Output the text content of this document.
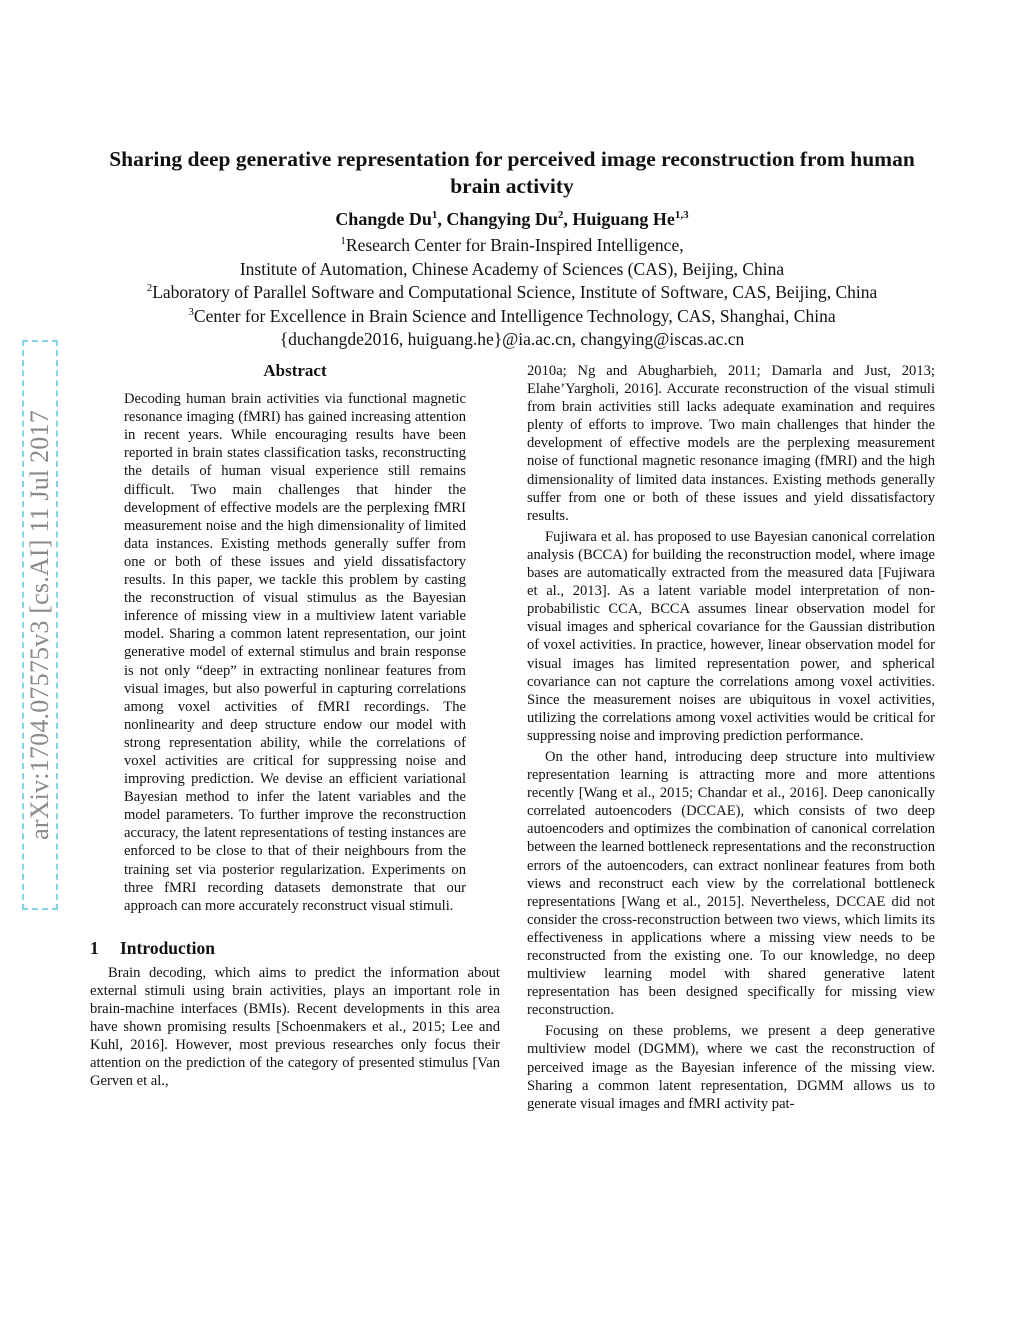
arXiv:1704.07575v3 [cs.AI] 11 Jul 2017
Sharing deep generative representation for perceived image reconstruction from human brain activity
Changde Du$^1$, Changying Du$^2$, Huiguang He$^{1,3}$
$^1$Research Center for Brain-Inspired Intelligence,
Institute of Automation, Chinese Academy of Sciences (CAS), Beijing, China
$^2$Laboratory of Parallel Software and Computational Science, Institute of Software, CAS, Beijing, China
$^3$Center for Excellence in Brain Science and Intelligence Technology, CAS, Shanghai, China
{duchangde2016, huiguang.he}@ia.ac.cn, changying@iscas.ac.cn
Abstract

Decoding human brain activities via functional magnetic resonance imaging (fMRI) has gained increasing attention in recent years. While encouraging results have been reported in brain states classification tasks, reconstructing the details of human visual experience still remains difficult. Two main challenges that hinder the development of effective models are the perplexing fMRI measurement noise and the high dimensionality of limited data instances. Existing methods generally suffer from one or both of these issues and yield dissatisfactory results. In this paper, we tackle this problem by casting the reconstruction of visual stimulus as the Bayesian inference of missing view in a multiview latent variable model. Sharing a common latent representation, our joint generative model of external stimulus and brain response is not only “deep” in extracting nonlinear features from visual images, but also powerful in capturing correlations among voxel activities of fMRI recordings. The nonlinearity and deep structure endow our model with strong representation ability, while the correlations of voxel activities are critical for suppressing noise and improving prediction. We devise an efficient variational Bayesian method to infer the latent variables and the model parameters. To further improve the reconstruction accuracy, the latent representations of testing instances are enforced to be close to that of their neighbours from the training set via posterior regularization. Experiments on three fMRI recording datasets demonstrate that our approach can more accurately reconstruct visual stimuli.

1 Introduction

Brain decoding, which aims to predict the information about external stimuli using brain activities, plays an important role in brain-machine interfaces (BMIs). Recent developments in this area have shown promising results [Schoenmakers et al., 2015; Lee and Kuhl, 2016]. However, most previous researches only focus their attention on the prediction of the category of presented stimulus [Van Gerven et al.,

2010a; Ng and Abugharbieh, 2011; Damarla and Just, 2013; Elahe’Yargholi, 2016]. Accurate reconstruction of the visual stimuli from brain activities still lacks adequate examination and requires plenty of efforts to improve. Two main challenges that hinder the development of effective models are the perplexing measurement noise of functional magnetic resonance imaging (fMRI) and the high dimensionality of limited data instances. Existing methods generally suffer from one or both of these issues and yield dissatisfactory results.

Fujiwara et al. has proposed to use Bayesian canonical correlation analysis (BCCA) for building the reconstruction model, where image bases are automatically extracted from the measured data [Fujiwara et al., 2013]. As a latent variable model interpretation of non-probabilistic CCA, BCCA assumes linear observation model for visual images and spherical covariance for the Gaussian distribution of voxel activities. In practice, however, linear observation model for visual images has limited representation power, and spherical covariance can not capture the correlations among voxel activities. Since the measurement noises are ubiquitous in voxel activities, utilizing the correlations among voxel activities would be critical for suppressing noise and improving prediction performance.

On the other hand, introducing deep structure into multiview representation learning is attracting more and more attentions recently [Wang et al., 2015; Chandar et al., 2016]. Deep canonically correlated autoencoders (DCCAE), which consists of two deep autoencoders and optimizes the combination of canonical correlation between the learned bottleneck representations and the reconstruction errors of the autoencoders, can extract nonlinear features from both views and reconstruct each view by the correlational bottleneck representations [Wang et al., 2015]. Nevertheless, DCCAE did not consider the cross-reconstruction between two views, which limits its effectiveness in applications where a missing view needs to be reconstructed from the existing one. To our knowledge, no deep multiview learning model with shared generative latent representation has been designed specifically for missing view reconstruction.

Focusing on these problems, we present a deep generative multiview model (DGMM), where we cast the reconstruction of perceived image as the Bayesian inference of the missing view. Sharing a common latent representation, DGMM allows us to generate visual images and fMRI activity pat-
